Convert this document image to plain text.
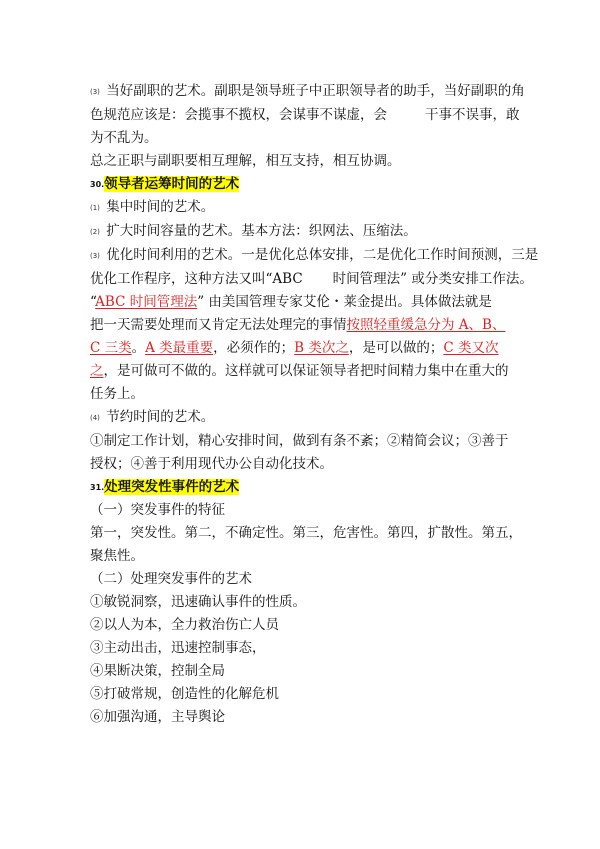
(3) 当好副职的艺术。副职是领导班子中正职领导者的助手，当好副职的角

色规范应该是：会揽事不揽权，会谋事不谋虚，会	干事不误事，敢

为不乱为。

总之正职与副职要相互理解，相互支持，相互协调。

30.领导者运筹时间的艺术

(1) 集中时间的艺术。

(2) 扩大时间容量的艺术。基本方法：织网法、压缩法。

(3) 优化时间利用的艺术。一是优化总体安排，二是优化工作时间预测，三是

优化工作程序，这种方法又叫“ABC 时间管理法” 或分类安排工作法。

“ABC 时间管理法” 由美国管理专家艾伦・莱金提出。具体做法就是

把一天需要处理而又肯定无法处理完的事情按照轻重缓急分为 A、B、

C 三类。A 类最重要，必须作的；B 类次之，是可以做的；C 类又次

之，是可做可不做的。这样就可以保证领导者把时间精力集中在重大的

任务上。

(4) 节约时间的艺术。

①制定工作计划，精心安排时间，做到有条不紊；②精简会议；③善于

授权；④善于利用现代办公自动化技术。

31.处理突发性事件的艺术

（一）突发事件的特征

第一，突发性。第二，不确定性。第三，危害性。第四，扩散性。第五，

聚焦性。

（二）处理突发事件的艺术

①敏锐洞察，迅速确认事件的性质。

②以人为本，全力救治伤亡人员

③主动出击，迅速控制事态，

④果断决策，控制全局

⑤打破常规，创造性的化解危机

⑥加强沟通，主导舆论
